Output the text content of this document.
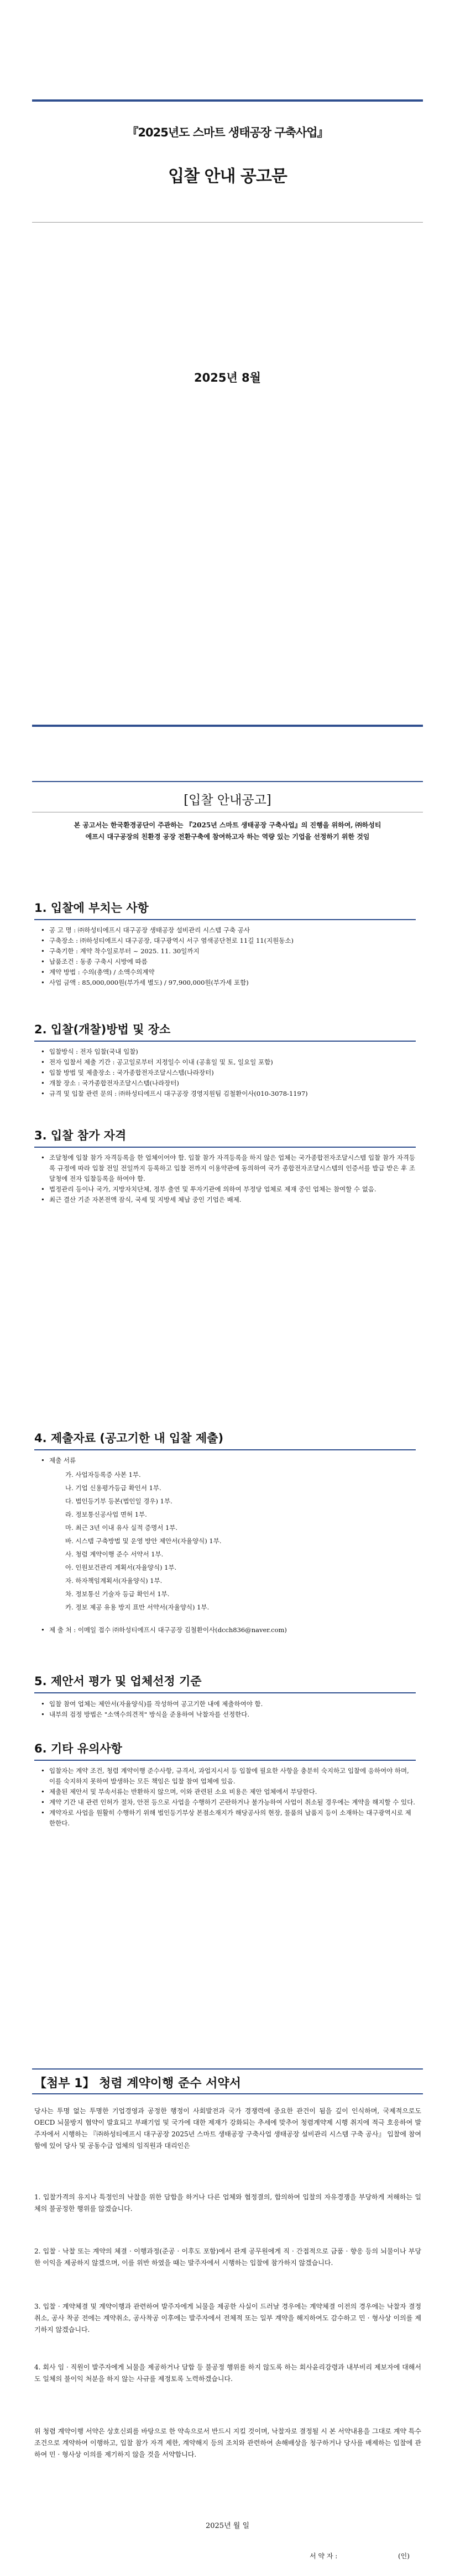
『2025년도 스마트 생태공장 구축사업』
입찰 안내 공고문
2025년 8월
[입찰 안내공고]
본 공고서는 한국환경공단이 주관하는 『2025년 스마트 생태공장 구축사업』의 진행을 위하여, ㈜하성티에프시 대구공장의 친환경 공장 전환구축에 참여하고자 하는 역량 있는 기업을 선정하기 위한 것임
1. 입찰에 부치는 사항
• 공 고 명 : ㈜하성티에프시 대구공장 생태공장 설비관리 시스템 구축 공사
• 구축장소 : ㈜하성티에프시 대구공장, 대구광역시 서구 염색공단천로 11길 11(지원동소)
• 구축기한 : 계약 착수일로부터 ~ 2025. 11. 30일까지
• 납품조건 : 동종 구축시 시방에 따름
• 계약 방법 : 수의(총액) / 소액수의계약
• 사업 금액 : 85,000,000원(부가세 별도) / 97,900,000원(부가세 포함)
2. 입찰(개찰)방법 및 장소
• 입찰방식 : 전자 입찰(국내 입찰)
• 전자 입찰서 제출 기간 : 공고일로부터 지정일수 이내 (공휴일 및 토, 일요일 포함)
• 입찰 방법 및 제출장소 : 국가종합전자조달시스템(나라장터)
• 개찰 장소 : 국가종합전자조달시스템(나라장터)
• 규격 및 입찰 관련 문의 : ㈜하성티에프시 대구공장 경영지원팀 김철환이사(010-3078-1197)
3. 입찰 참가 자격
• 조달청에 입찰 참가 자격등록을 한 업체이어야 함. 입찰 참가 자격등록을 하지 않은 업체는 국가종합전자조달시스템 입찰 참가 자격등록 규정에 따라 입찰 전일 전일까지 등록하고 입찰 전까지 이용약관에 동의하여 국가 종합전자조달시스템의 인증서를 발급 받은 후 조달청에 전자 입찰등록을 하여야 함.
• 법정관리 등이나 국가, 지방자치단체, 정부 출연 및 투자기관에 의하여 부정당 업체로 제재 중인 업체는 참여할 수 없음.
• 최근 결산 기준 자본전액 잠식, 국세 및 지방세 체납 중인 기업은 배제.
4. 제출자료 (공고기한 내 입찰 제출)
• 제출 서류
가. 사업자등록증 사본 1부.
나. 기업 신용평가등급 확인서 1부.
다. 법인등기부 등본(법인일 경우) 1부.
라. 정보통신공사업 면허 1부.
마. 최근 3년 이내 유사 실적 증명서 1부.
바. 시스템 구축방법 및 운영 방안 제안서(자율양식) 1부.
사. 청렴 계약이행 준수 서약서 1부.
아. 인원보건관리 계획서(자율양식) 1부.
자. 하자책임계획서(자율양식) 1부.
차. 정보통신 기술자 등급 확인서 1부.
카. 정보 제공 유용 방지 표만 서약서(자율양식) 1부.
• 제 출 처 : 이메일 접수 ㈜하성티에프시 대구공장 김철환이사(dcch836@naver.com)
5. 제안서 평가 및 업체선정 기준
• 입찰 참여 업체는 제안서(자율양식)를 작성하여 공고기한 내에 제출하여야 함.
• 내부의 검정 방법은 "소액수의견적" 방식을 준용하여 낙찰자를 선정한다.
6. 기타 유의사항
• 입찰자는 계약 조건, 청렴 계약이행 준수사항, 규격서, 과업지시서 등 입찰에 필요한 사항을 충분히 숙지하고 입찰에 응하여야 하며, 이를 숙지하지 못하여 발생하는 모든 책임은 입찰 참여 업체에 있음.
• 제출된 제안서 및 부속서류는 반환하지 않으며, 이와 관련된 소요 비용은 제안 업체에서 부담한다.
• 계약 기간 내 관련 인허가 절차, 안전 등으로 사업을 수행하기 곤란하거나 불가능하여 사업이 취소될 경우에는 계약을 해지할 수 있다.
• 계약자로 사업을 원활히 수행하기 위해 법인등기부상 본점소재지가 해당공사의 현장, 물품의 납품지 등이 소재하는 대구광역시로 제한한다.
【첨부 1】 청렴 계약이행 준수 서약서
당사는 투명 없는 투명한 기업경영과 공정한 행정이 사회발전과 국가 경쟁력에 중요한 관건이 됨을 깊이 인식하며, 국제적으로도 OECD 뇌물방지 협약이 발효되고 부패기업 및 국가에 대한 제재가 강화되는 추세에 맞추어 청렴계약제 시행 취지에 적극 호응하여 발주자에서 시행하는 『㈜하성티에프시 대구공장 2025년 스마트 생태공장 구축사업 생태공장 설비관리 시스템 구축 공사』 입찰에 참여함에 있어 당사 및 공동수급 업체의 임직원과 대리인은
1. 입찰가격의 유지나 특정인의 낙찰을 위한 담합을 하거나 다른 업체와 협정결의, 합의하여 입찰의 자유경쟁을 부당하게 저해하는 일체의 불공정한 행위를 않겠습니다.
2. 입찰 · 낙찰 또는 계약의 체결 · 이행과정(준공 · 이후도 포함)에서 관계 공무원에게 직 · 간접적으로 금품 · 향응 등의 뇌물이나 부당한 이익을 제공하지 않겠으며, 이를 위반 하였을 때는 발주자에서 시행하는 입찰에 참가하지 않겠습니다.
3. 입찰 · 계약체결 및 계약이행과 관련하여 발주자에게 뇌물을 제공한 사실이 드러날 경우에는 계약체결 이전의 경우에는 낙찰자 결정 취소, 공사 착공 전에는 계약취소, 공사착공 이후에는 발주자에서 전체적 또는 일부 계약을 해지하여도 감수하고 민 · 형사상 이의를 제기하지 않겠습니다.
4. 회사 임 · 직원이 발주자에게 뇌물을 제공하거나 담합 등 불공정 행위를 하지 않도록 하는 회사윤리강령과 내부비리 제보자에 대해서도 일체의 불이익 처분을 하지 않는 사규를 제정토록 노력하겠습니다.
위 청렴 계약이행 서약은 상호신뢰를 바탕으로 한 약속으로서 반드시 지킬 것이며, 낙찰자로 결정될 시 본 서약내용을 그대로 계약 특수 조건으로 계약하여 이행하고, 입찰 참가 자격 제한, 계약해지 등의 조치와 관련하여 손해배상을 청구하거나 당사를 배제하는 입찰에 관하여 민 · 형사상 이의를 제기하지 않을 것을 서약합니다.
2025년 월 일
서 약 자 :	(인)
